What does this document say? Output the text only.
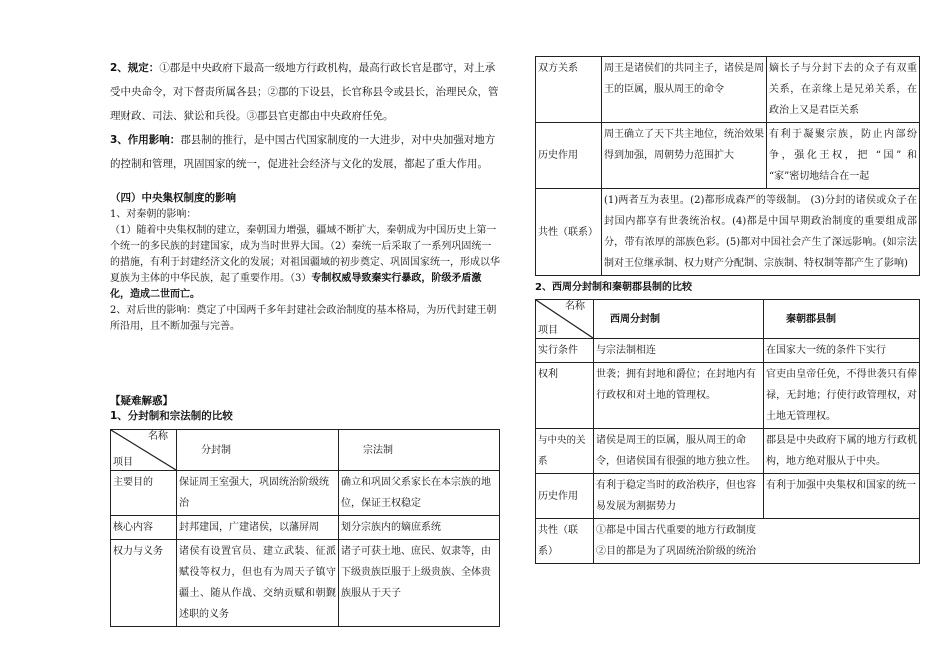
2、规定：①郡是中央政府下最高一级地方行政机构，最高行政长官是郡守，对上承受中央命令，对下督责所属各县；②郡的下设县，长官称县令或县长，治理民众，管理财政、司法、狱讼和兵役。③郡县官吏都由中央政府任免。

3、作用影响：郡县制的推行，是中国古代国家制度的一大进步，对中央加强对地方的控制和管理，巩固国家的统一，促进社会经济与文化的发展，都起了重大作用。

（四）中央集权制度的影响

1、对秦朝的影响：

（1）随着中央集权制的建立，秦朝国力增强，疆域不断扩大，秦朝成为中国历史上第一个统一的多民族的封建国家，成为当时世界大国。（2）秦统一后采取了一系列巩固统一的措施，有利于封建经济文化的发展；对祖国疆域的初步奠定、巩固国家统一，形成以华夏族为主体的中华民族，起了重要作用。（3）专制权威导致秦实行暴政，阶级矛盾激化，造成二世而亡。

2、对后世的影响：奠定了中国两千多年封建社会政治制度的基本格局，为历代封建王朝所沿用，且不断加强与完善。

【疑难解惑】

1、分封制和宗法制的比较

名称
项目	分封制	宗法制
主要目的	保证周王室强大，巩固统治阶级统治	确立和巩固父系家长在本宗族的地位，保证王权稳定
核心内容	封邦建国，广建诸侯，以藩屏周	划分宗族内的嫡庶系统
权力与义务	诸侯有设置官员、建立武装、征派赋役等权力，但也有为周天子镇守疆土、随从作战、交纳贡赋和朝觐述职的义务	诸子可获土地、庶民、奴隶等，由下级贵族臣服于上级贵族、全体贵族服从于天子
双方关系	周王是诸侯们的共同主子，诸侯是周王的臣属，服从周王的命令	嫡长子与分封下去的众子有双重关系，在亲缘上是兄弟关系，在政治上又是君臣关系
历史作用	周王确立了天下共主地位，统治效果得到加强，周朝势力范围扩大	有利于凝聚宗族，防止内部纷争，强化王权，把 “国” 和 “家”密切地结合在一起
共性（联系）	(1)两者互为表里。(2)都形成森严的等级制。 (3)分封的诸侯或众子在封国内都享有世袭统治权。(4)都是中国早期政治制度的重要组成部分，带有浓厚的部族色彩。(5)都对中国社会产生了深远影响。(如宗法制对王位继承制、权力财产分配制、宗族制、特权制等都产生了影响)	

2、西周分封制和秦朝郡县制的比较

名称
项目	西周分封制	秦朝郡县制
实行条件	与宗法制相连	在国家大一统的条件下实行
权利	世袭；拥有封地和爵位；在封地内有行政权和对土地的管理权。	官吏由皇帝任免，不得世袭只有俸禄，无封地；行使行政管理权，对土地无管理权。
与中央的关系	诸侯是周王的臣属，服从周王的命令，但诸侯国有很强的地方独立性。	郡县是中央政府下属的地方行政机构，地方绝对服从于中央。
历史作用	有利于稳定当时的政治秩序，但也容易发展为割据势力	有利于加强中央集权和国家的统一
共性（联系）	①都是中国古代重要的地方行政制度
②目的都是为了巩固统治阶级的统治	
